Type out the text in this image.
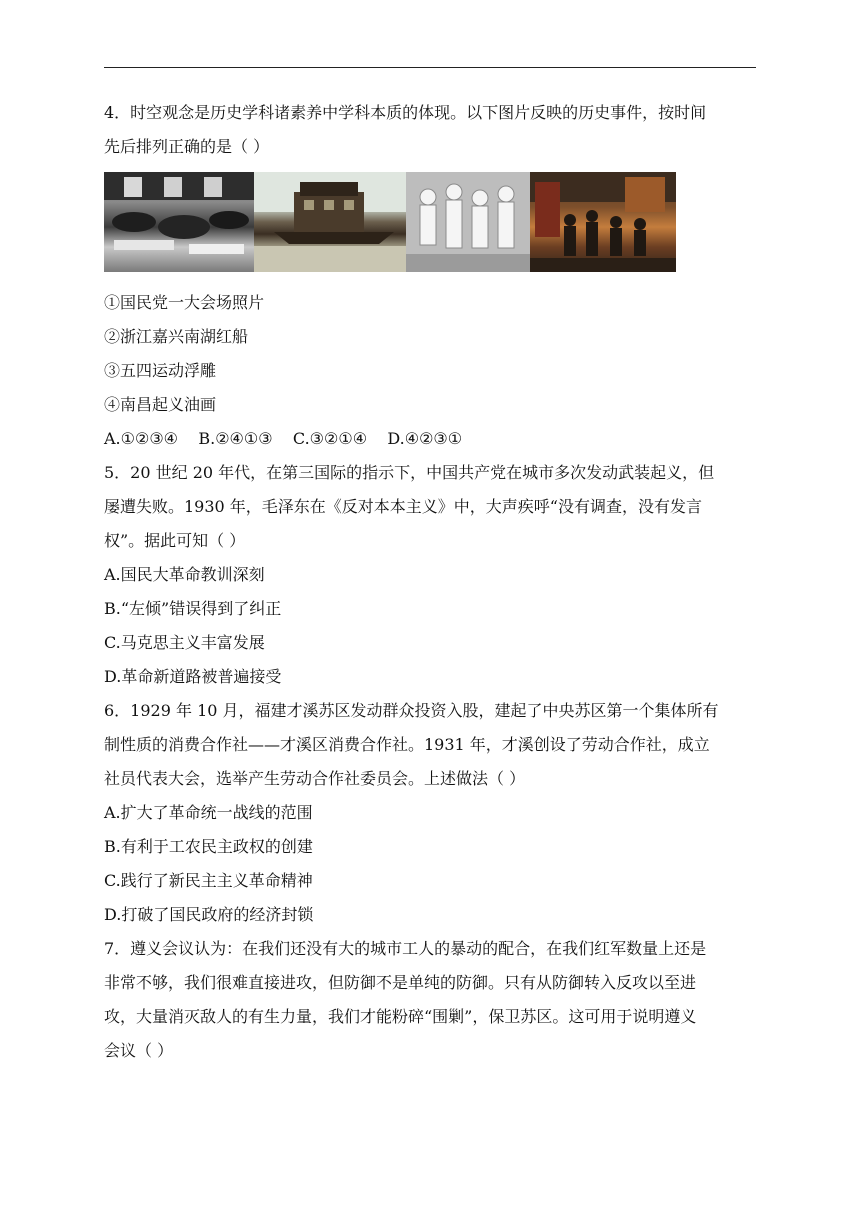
4．时空观念是历史学科诸素养中学科本质的体现。以下图片反映的历史事件，按时间
先后排列正确的是（ ）
①国民党一大会场照片
②浙江嘉兴南湖红船
③五四运动浮雕
④南昌起义油画
A.①②③④    B.②④①③    C.③②①④    D.④②③①
5．20 世纪 20 年代，在第三国际的指示下，中国共产党在城市多次发动武装起义，但
屡遭失败。1930 年，毛泽东在《反对本本主义》中，大声疾呼“没有调查，没有发言
权”。据此可知（ ）
A.国民大革命教训深刻
B.“左倾”错误得到了纠正
C.马克思主义丰富发展
D.革命新道路被普遍接受
6．1929 年 10 月，福建才溪苏区发动群众投资入股，建起了中央苏区第一个集体所有
制性质的消费合作社——才溪区消费合作社。1931 年，才溪创设了劳动合作社，成立
社员代表大会，选举产生劳动合作社委员会。上述做法（ ）
A.扩大了革命统一战线的范围
B.有利于工农民主政权的创建
C.践行了新民主主义革命精神
D.打破了国民政府的经济封锁
7．遵义会议认为：在我们还没有大的城市工人的暴动的配合，在我们红军数量上还是
非常不够，我们很难直接进攻，但防御不是单纯的防御。只有从防御转入反攻以至进
攻，大量消灭敌人的有生力量，我们才能粉碎“围剿”，保卫苏区。这可用于说明遵义
会议（ ）
